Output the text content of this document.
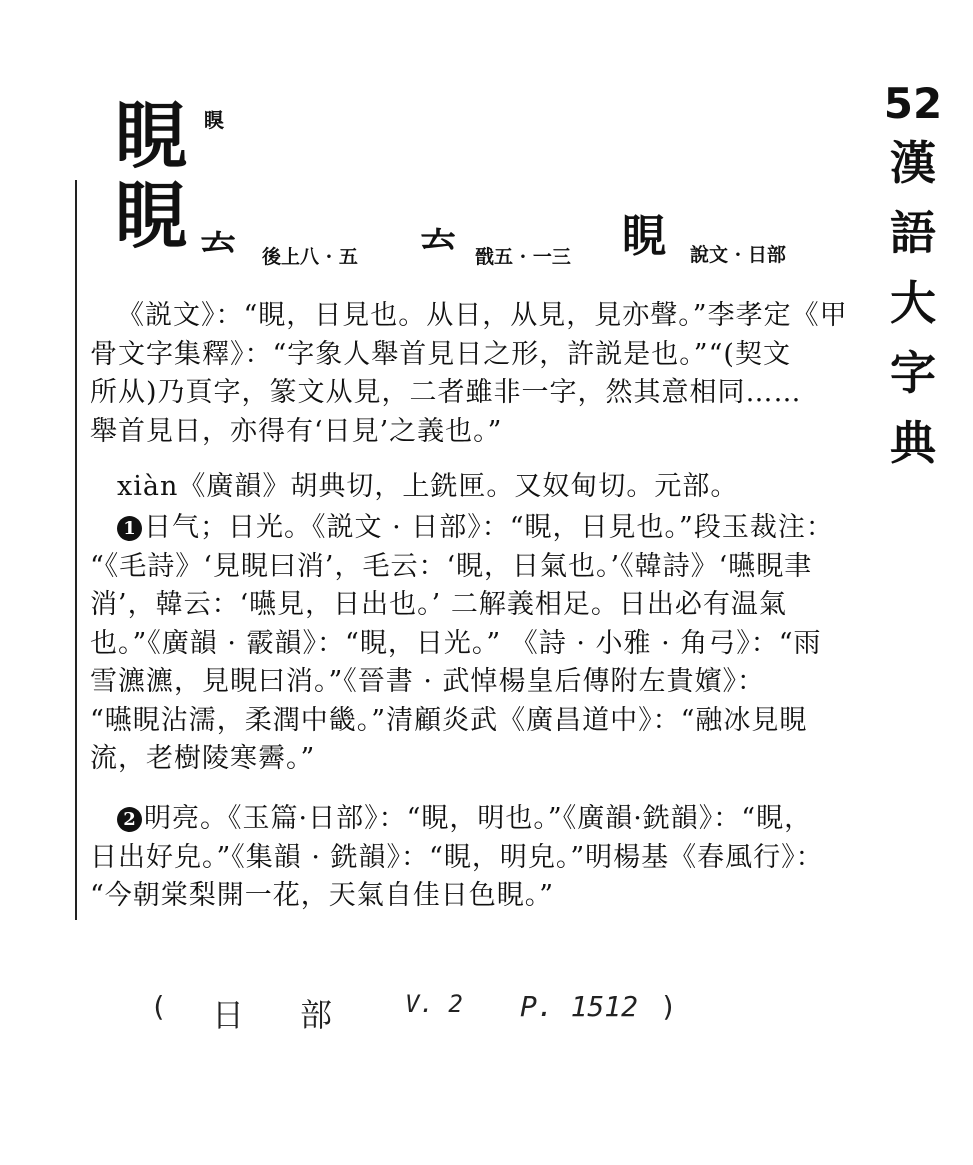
睍 瞁
睍 𠫓 後上八 · 五 𠫓 戩五 · 一三 睍 說文 · 日部
《説文》：“睍，日見也。从日，从見，見亦聲。”李孝定《甲
骨文字集釋》：“字象人舉首見日之形，許説是也。”“(契文
所从)乃頁字，篆文从見，二者雖非一字，然其意相同……
舉首見日，亦得有‘日見’之義也。”
xiàn《廣韻》胡典切，上銑匣。又奴甸切。元部。
1 日气；日光。《説文 · 日部》：“睍，日見也。”段玉裁注：
“《毛詩》‘見睍曰消’，毛云：‘睍，日氣也。’《韓詩》‘曣睍聿
消’，韓云：‘曣見，日出也。’ 二解義相足。日出必有温氣
也。”《廣韻 · 霰韻》：“睍，日光。” 《詩 · 小雅 · 角弓》：“雨
雪瀌瀌，見睍曰消。”《晉書 · 武悼楊皇后傳附左貴嬪》：
“曣睍沾濡，柔潤中畿。”清顧炎武《廣昌道中》：“融冰見睍
流，老樹陵寒霽。”
2 明亮。《玉篇·日部》：“睍，明也。”《廣韻·銑韻》：“睍，
日出好皃。”《集韻 · 銑韻》：“睍，明皃。”明楊基《春風行》：
“今朝棠梨開一花，天氣自佳日色睍。”
52
漢
語
大
字
典
( 日 部	V. 2 P. 1512 )
